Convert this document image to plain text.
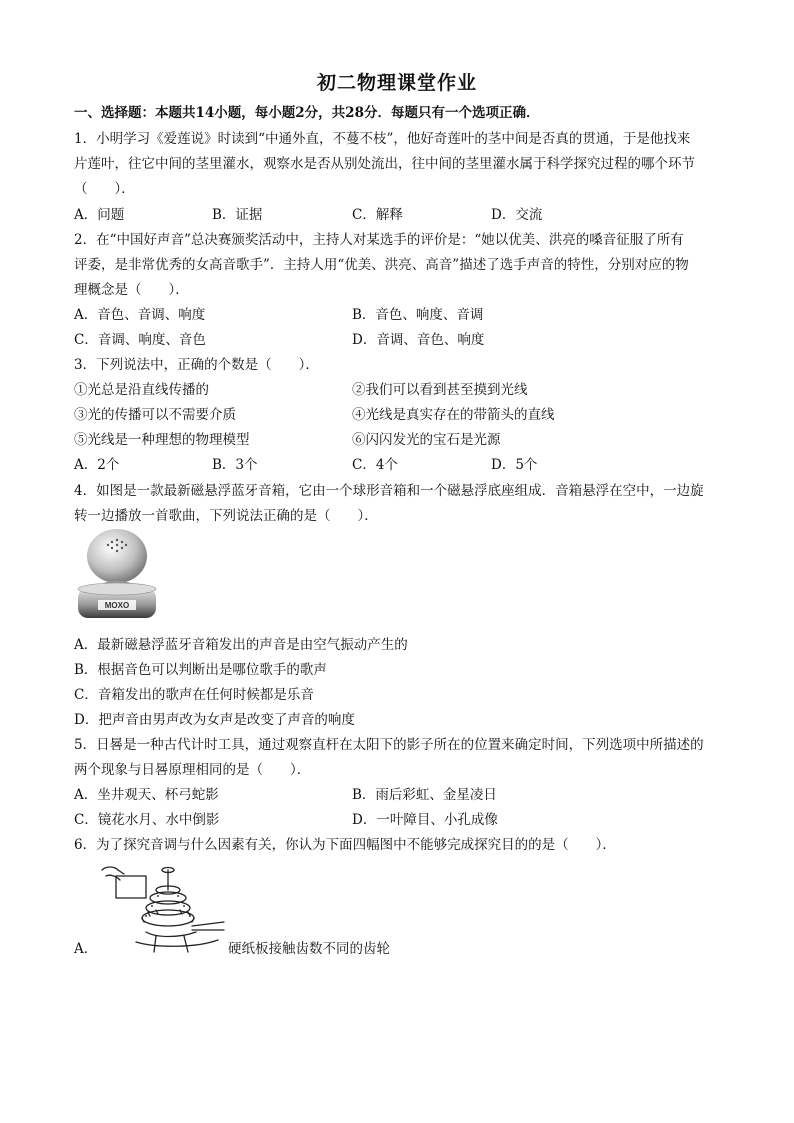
初二物理课堂作业
一、选择题：本题共14小题，每小题2分，共28分．每题只有一个选项正确．
1．小明学习《爱莲说》时读到“中通外直，不蔓不枝”，他好奇莲叶的茎中间是否真的贯通，于是他找来
片莲叶，往它中间的茎里灌水，观察水是否从别处流出，往中间的茎里灌水属于科学探究过程的哪个环节
（　　）．
A．问题	B．证据	C．解释	D．交流
2．在“中国好声音”总决赛颁奖活动中，主持人对某选手的评价是：“她以优美、洪亮的嗓音征服了所有
评委，是非常优秀的女高音歌手”．主持人用“优美、洪亮、高音”描述了选手声音的特性，分别对应的物
理概念是（　　）．
A．音色、音调、响度	B．音色、响度、音调
C．音调、响度、音色	D．音调、音色、响度
3．下列说法中，正确的个数是（　　）．
①光总是沿直线传播的	②我们可以看到甚至摸到光线
③光的传播可以不需要介质	④光线是真实存在的带箭头的直线
⑤光线是一种理想的物理模型	⑥闪闪发光的宝石是光源
A．2个	B．3个	C．4个	D．5个
4．如图是一款最新磁悬浮蓝牙音箱，它由一个球形音箱和一个磁悬浮底座组成．音箱悬浮在空中，一边旋
转一边播放一首歌曲，下列说法正确的是（　　）．
MOXO
A．最新磁悬浮蓝牙音箱发出的声音是由空气振动产生的
B．根据音色可以判断出是哪位歌手的歌声
C．音箱发出的歌声在任何时候都是乐音
D．把声音由男声改为女声是改变了声音的响度
5．日晷是一种古代计时工具，通过观察直杆在太阳下的影子所在的位置来确定时间，下列选项中所描述的
两个现象与日晷原理相同的是（　　）．
A．坐井观天、杯弓蛇影	B．雨后彩虹、金星凌日
C．镜花水月、水中倒影	D．一叶障目、小孔成像
6．为了探究音调与什么因素有关，你认为下面四幅图中不能够完成探究目的的是（　　）．
A．	硬纸板接触齿数不同的齿轮
